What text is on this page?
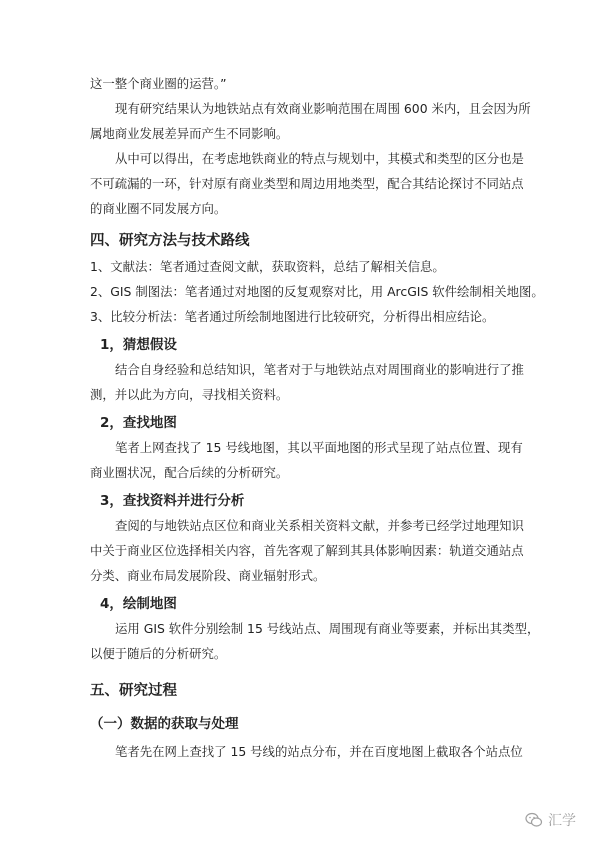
这一整个商业圈的运营。”
现有研究结果认为地铁站点有效商业影响范围在周围 600 米内，且会因为所
属地商业发展差异而产生不同影响。
从中可以得出，在考虑地铁商业的特点与规划中，其模式和类型的区分也是
不可疏漏的一环，针对原有商业类型和周边用地类型，配合其结论探讨不同站点
的商业圈不同发展方向。
四、研究方法与技术路线
1、文献法：笔者通过查阅文献，获取资料，总结了解相关信息。
2、GIS 制图法：笔者通过对地图的反复观察对比，用 ArcGIS 软件绘制相关地图。
3、比较分析法：笔者通过所绘制地图进行比较研究，分析得出相应结论。
1，猜想假设
结合自身经验和总结知识，笔者对于与地铁站点对周围商业的影响进行了推
测，并以此为方向，寻找相关资料。
2，查找地图
笔者上网查找了 15 号线地图，其以平面地图的形式呈现了站点位置、现有
商业圈状况，配合后续的分析研究。
3，查找资料并进行分析
查阅的与地铁站点区位和商业关系相关资料文献，并参考已经学过地理知识
中关于商业区位选择相关内容，首先客观了解到其具体影响因素：轨道交通站点
分类、商业布局发展阶段、商业辐射形式。
4，绘制地图
运用 GIS 软件分别绘制 15 号线站点、周围现有商业等要素，并标出其类型，
以便于随后的分析研究。
五、研究过程
（一）数据的获取与处理
笔者先在网上查找了 15 号线的站点分布，并在百度地图上截取各个站点位
汇学
